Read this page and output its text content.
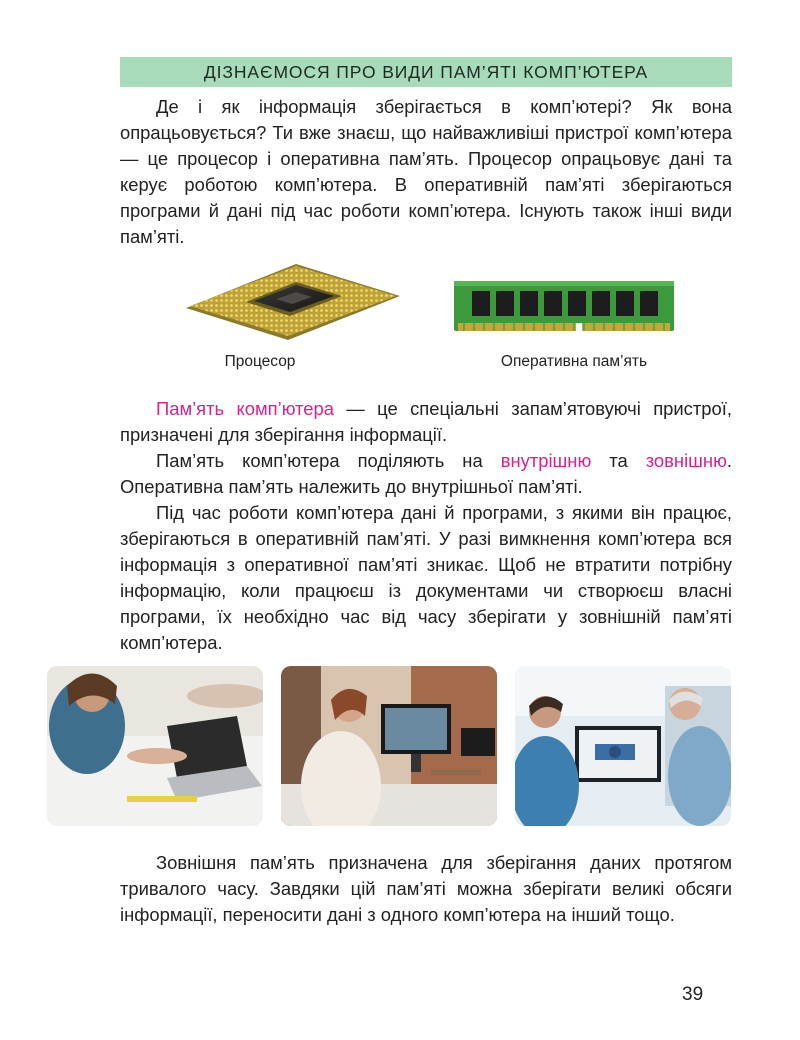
ДІЗНАЄМОСЯ ПРО ВИДИ ПАМ’ЯТІ КОМП’ЮТЕРА

Де і як інформація зберігається в комп’ютері? Як вона опрацьовується? Ти вже знаєш, що найважливіші пристрої комп’ютера — це процесор і оперативна пам’ять. Процесор опрацьовує дані та керує роботою комп’ютера. В оперативній пам’яті зберігаються програми й дані під час роботи комп’ютера. Існують також інші види пам’яті.

Процесор	Оперативна пам’ять

Пам’ять комп’ютера — це спеціальні запам’ятовуючі пристрої, призначені для зберігання інформації.

Пам’ять комп’ютера поділяють на внутрішню та зовнішню. Оперативна пам’ять належить до внутрішньої пам’яті.

Під час роботи комп’ютера дані й програми, з якими він працює, зберігаються в оперативній пам’яті. У разі вимкнення комп’ютера вся інформація з оперативної пам’яті зникає. Щоб не втратити потрібну інформацію, коли працюєш із документами чи створюєш власні програми, їх необхідно час від часу зберігати у зовнішній пам’яті комп’ютера.

Зовнішня пам’ять призначена для зберігання даних протягом тривалого часу. Завдяки цій пам’яті можна зберігати великі обсяги інформації, переносити дані з одного комп’ютера на інший тощо.

39
